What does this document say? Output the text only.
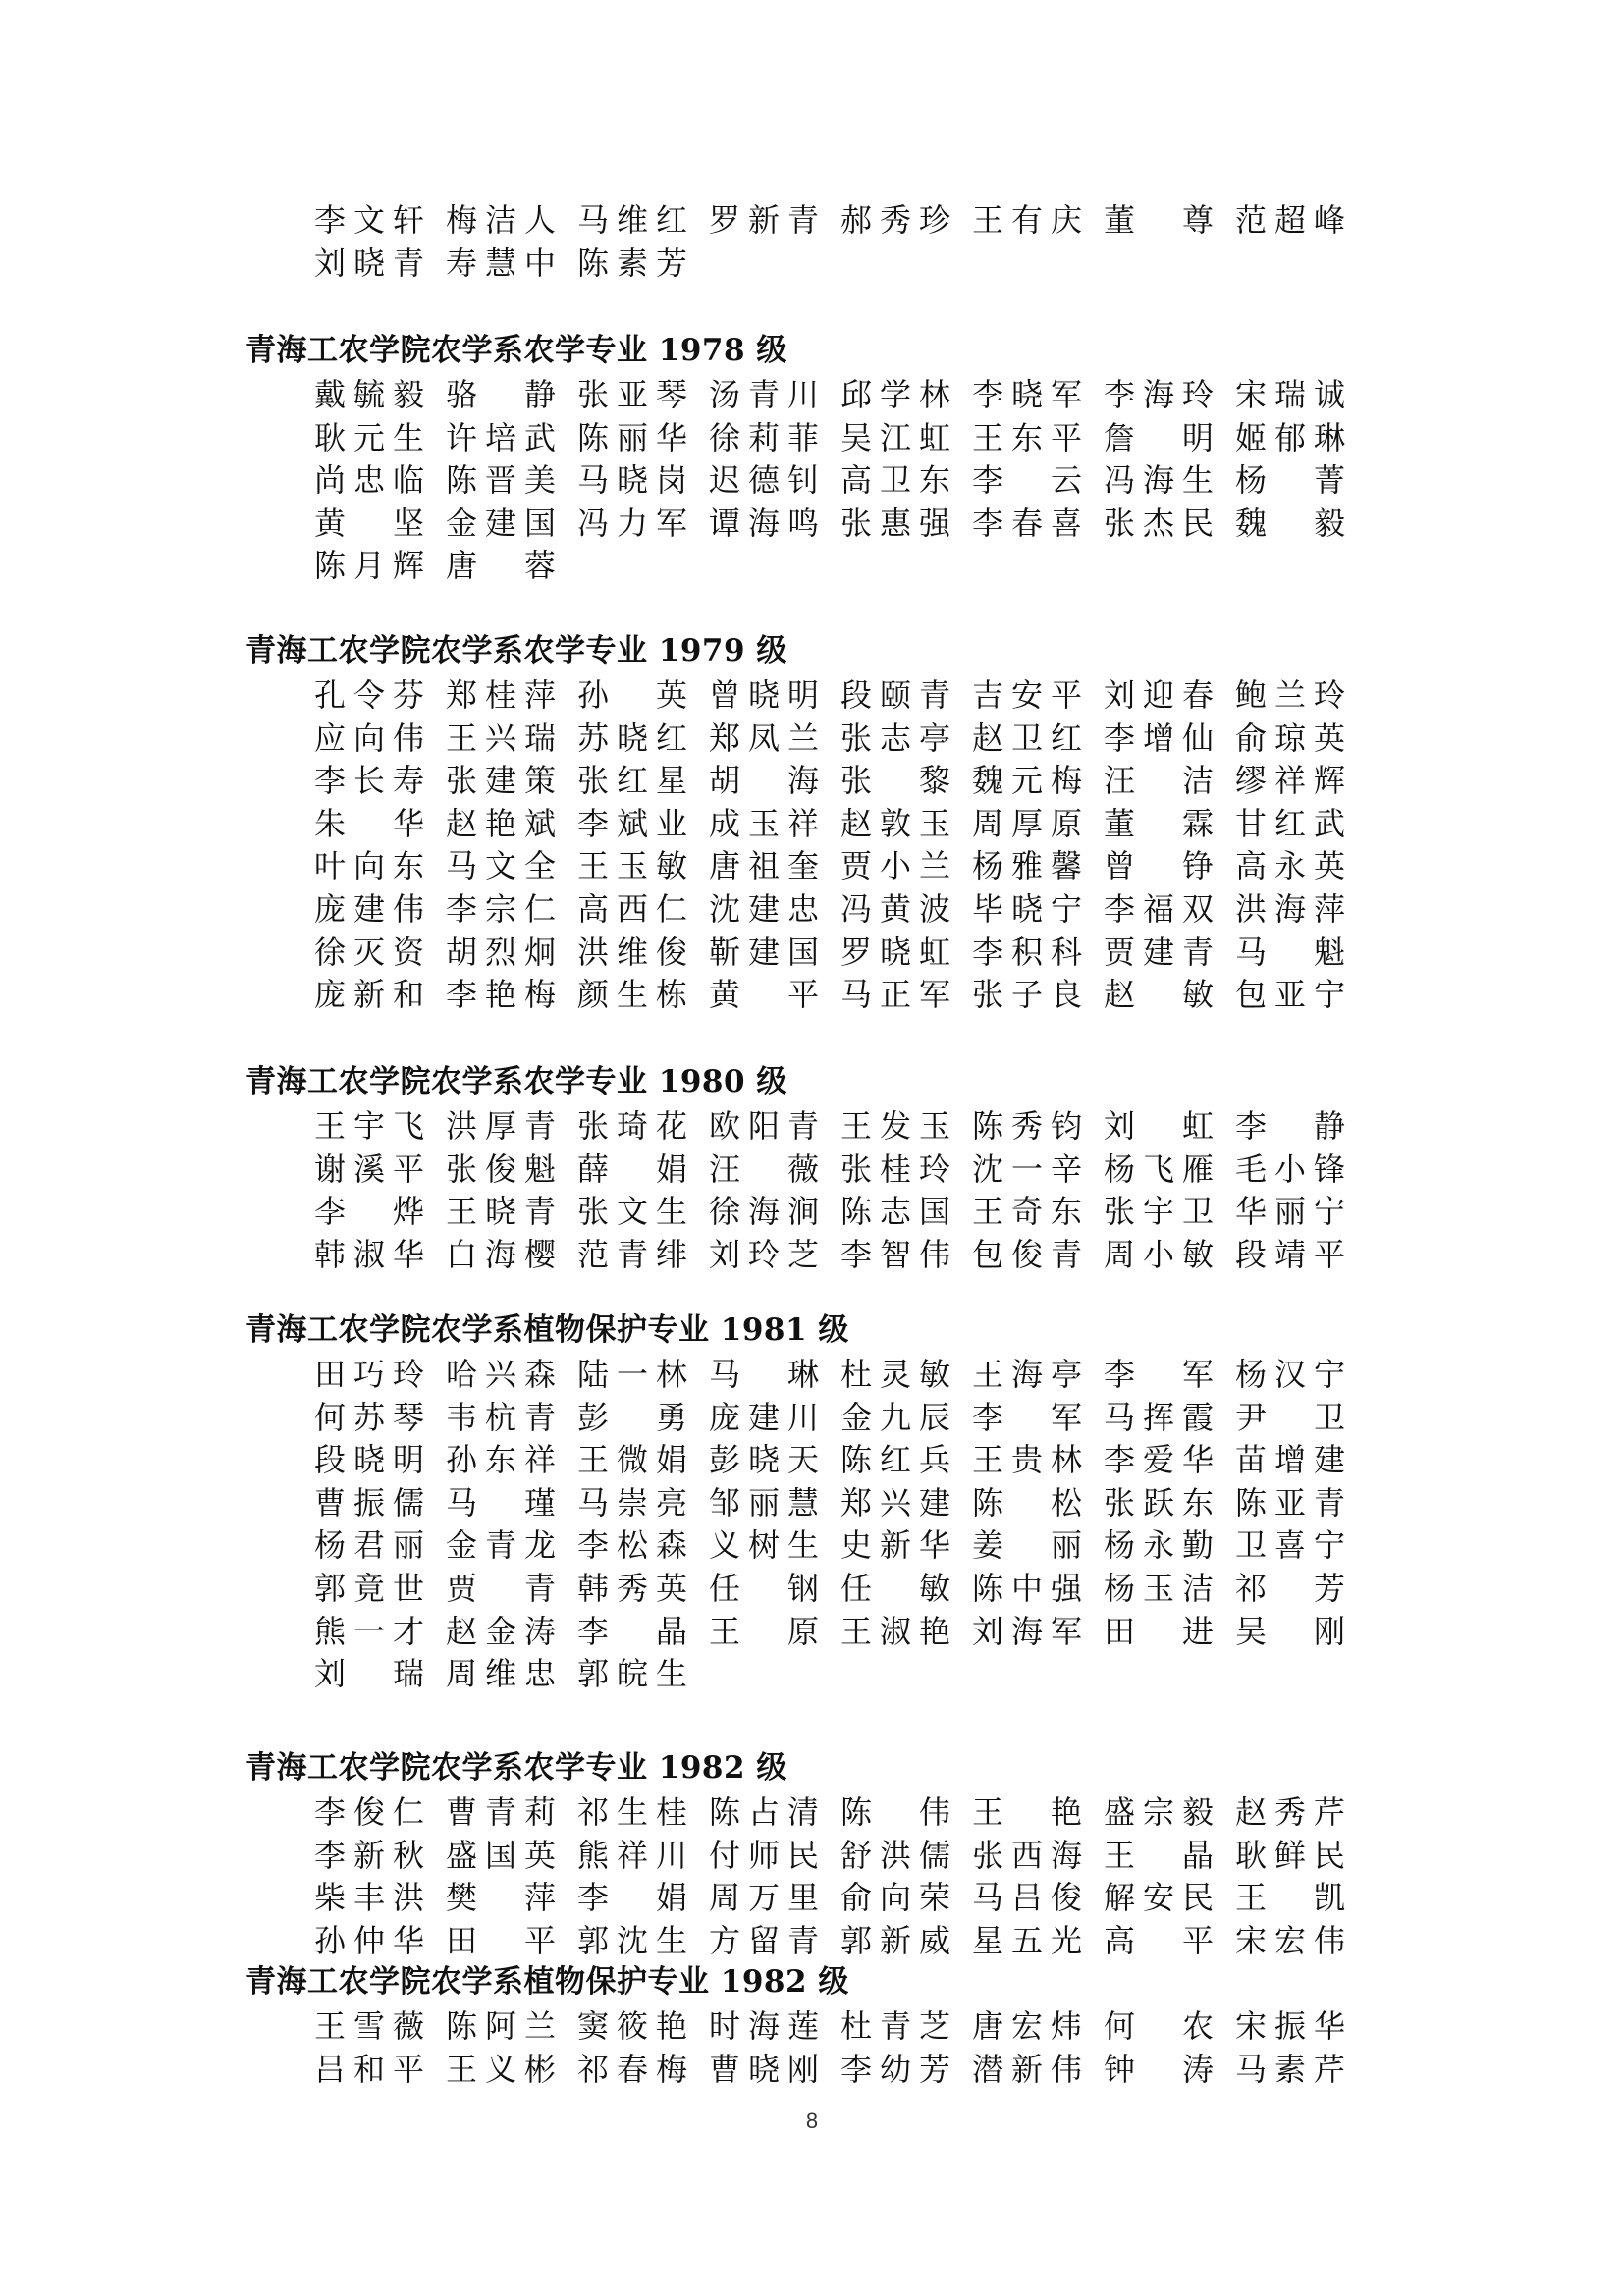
李文轩 梅洁人 马维红 罗新青 郝秀珍 王有庆 董　尊 范超峰
刘晓青 寿慧中 陈素芳
青海工农学院农学系农学专业 1978 级
戴毓毅 骆　静 张亚琴 汤青川 邱学林 李晓军 李海玲 宋瑞诚
耿元生 许培武 陈丽华 徐莉菲 吴江虹 王东平 詹　明 姬郁琳
尚忠临 陈晋美 马晓岗 迟德钊 高卫东 李　云 冯海生 杨　菁
黄　坚 金建国 冯力军 谭海鸣 张惠强 李春喜 张杰民 魏　毅
陈月辉 唐　蓉
青海工农学院农学系农学专业 1979 级
孔令芬 郑桂萍 孙　英 曾晓明 段颐青 吉安平 刘迎春 鲍兰玲
应向伟 王兴瑞 苏晓红 郑凤兰 张志亭 赵卫红 李增仙 俞琼英
李长寿 张建策 张红星 胡　海 张　黎 魏元梅 汪　洁 缪祥辉
朱　华 赵艳斌 李斌业 成玉祥 赵敦玉 周厚原 董　霖 甘红武
叶向东 马文全 王玉敏 唐祖奎 贾小兰 杨雅馨 曾　铮 高永英
庞建伟 李宗仁 高西仁 沈建忠 冯黄波 毕晓宁 李福双 洪海萍
徐灭资 胡烈炯 洪维俊 靳建国 罗晓虹 李积科 贾建青 马　魁
庞新和 李艳梅 颜生栋 黄　平 马正军 张子良 赵　敏 包亚宁
青海工农学院农学系农学专业 1980 级
王宇飞 洪厚青 张琦花 欧阳青 王发玉 陈秀钧 刘　虹 李　静
谢溪平 张俊魁 薛　娟 汪　薇 张桂玲 沈一辛 杨飞雁 毛小锋
李　烨 王晓青 张文生 徐海涧 陈志国 王奇东 张宇卫 华丽宁
韩淑华 白海樱 范青绯 刘玲芝 李智伟 包俊青 周小敏 段靖平
青海工农学院农学系植物保护专业 1981 级
田巧玲 哈兴森 陆一林 马　琳 杜灵敏 王海亭 李　军 杨汉宁
何苏琴 韦杭青 彭　勇 庞建川 金九辰 李　军 马挥霞 尹　卫
段晓明 孙东祥 王微娟 彭晓天 陈红兵 王贵林 李爱华 苗增建
曹振儒 马　瑾 马崇亮 邹丽慧 郑兴建 陈　松 张跃东 陈亚青
杨君丽 金青龙 李松森 义树生 史新华 姜　丽 杨永勤 卫喜宁
郭竟世 贾　青 韩秀英 任　钢 任　敏 陈中强 杨玉洁 祁　芳
熊一才 赵金涛 李　晶 王　原 王淑艳 刘海军 田　进 吴　刚
刘　瑞 周维忠 郭皖生
青海工农学院农学系农学专业 1982 级
李俊仁 曹青莉 祁生桂 陈占清 陈　伟 王　艳 盛宗毅 赵秀芹
李新秋 盛国英 熊祥川 付师民 舒洪儒 张西海 王　晶 耿鲜民
柴丰洪 樊　萍 李　娟 周万里 俞向荣 马吕俊 解安民 王　凯
孙仲华 田　平 郭沈生 方留青 郭新威 星五光 高　平 宋宏伟
青海工农学院农学系植物保护专业 1982 级
王雪薇 陈阿兰 窦筱艳 时海莲 杜青芝 唐宏炜 何　农 宋振华
吕和平 王义彬 祁春梅 曹晓刚 李幼芳 潜新伟 钟　涛 马素芹
8
